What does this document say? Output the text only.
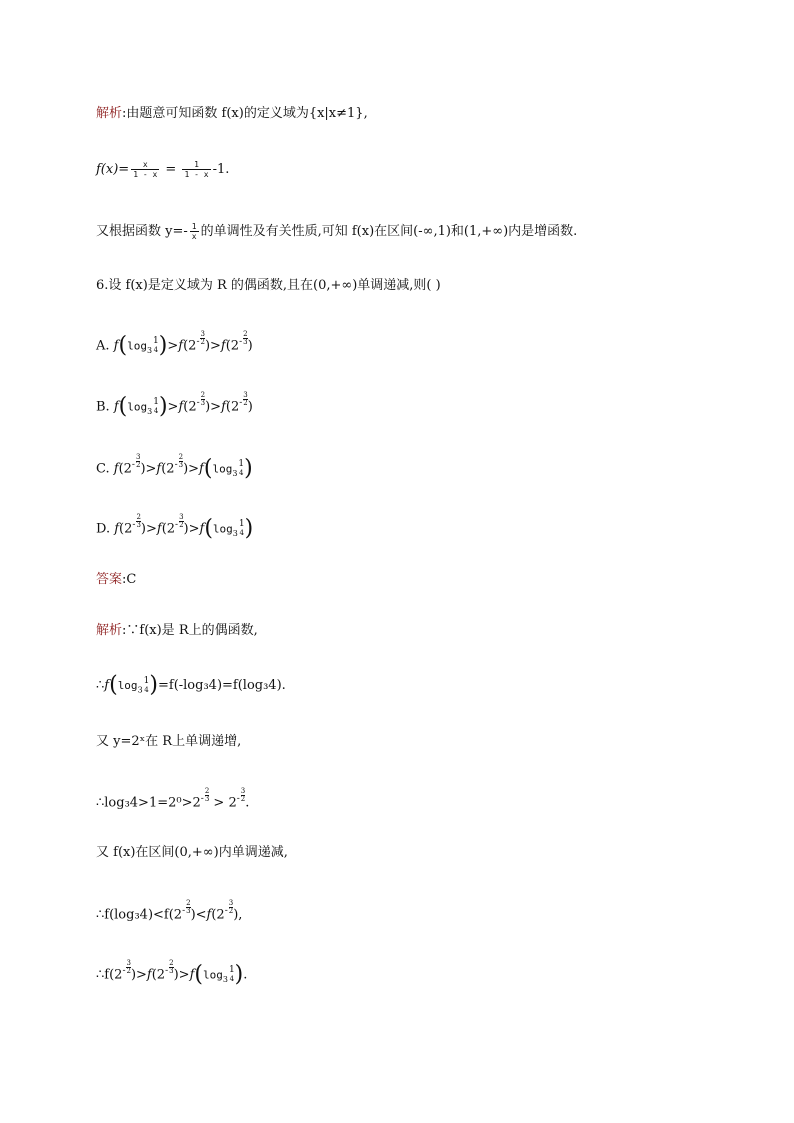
解析:由题意可知函数 f(x)的定义域为{x|x≠1},
$f(x)= \frac{x}{1 - x} = \frac{1}{1 - x} -1$.
又根据函数 $y=- \frac{1}{x}$ 的单调性及有关性质,可知 f(x)在区间(-∞,1)和(1,+∞)内是增函数.
6.设 f(x)是定义域为 R 的偶函数,且在(0,+∞)单调递减,则( )
A. $f(\log_3$
1
4 )$>f(2^- \frac{3}{2} )>f(2^- \frac{2}{3}$ )
B. $f(\log_3$
1
4 )$>f(2^- \frac{2}{3} )>f(2^- \frac{3}{2}$ )
C. $f(2^- \frac{3}{2} )>f(2^- \frac{2}{3} )>f(\log_3$
1
4 )
D. $f(2^- \frac{2}{3} )>f(2^- \frac{3}{2} )>f(\log_3$
1
4 )
答案:C
解析:∵f(x)是 R上的偶函数,
$\therefore f(\log_3$
1
4 )=f(-log₃4)=f(log₃4).
又 y=2ˣ在 R上单调递增,
∴log₃4>1=2⁰>2- $\frac{2}{3} > 2^- \frac{3}{2}$ .
又 f(x)在区间(0,+∞)内单调递减,
∴f(log₃4)<f(2- $\frac{2}{3} )<f(2^- \frac{3}{2}$ ),
∴f(2- $\frac{3}{2} )>f(2^- \frac{2}{3} )>f(\log_3$
1
4 ).
